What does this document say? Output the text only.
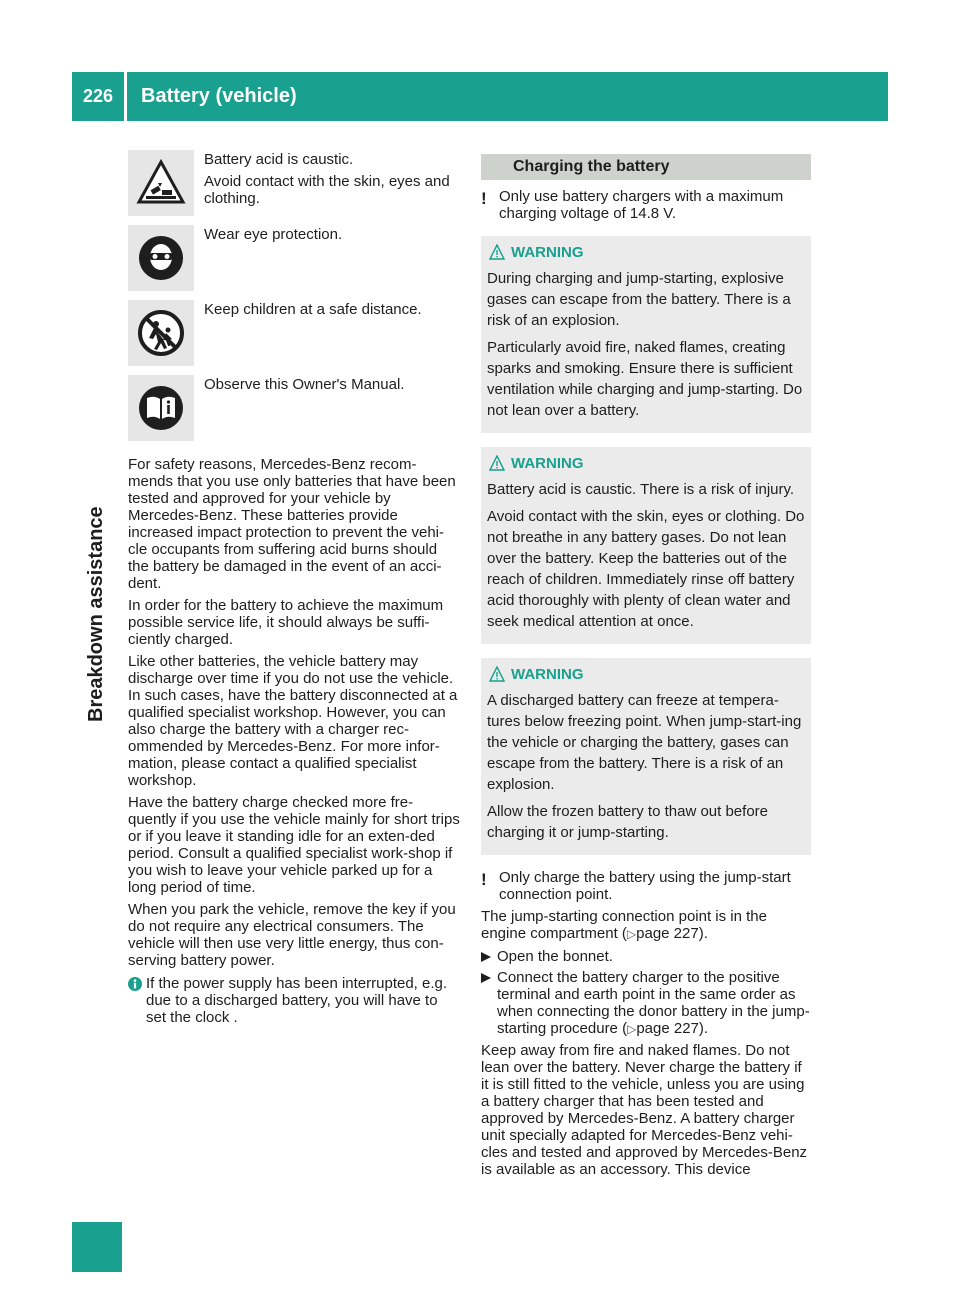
226	Battery (vehicle)
Breakdown assistance

Battery acid is caustic.

Avoid contact with the skin, eyes and clothing.

Wear eye protection.

Keep children at a safe distance.

Observe this Owner's Manual.

For safety reasons, Mercedes-Benz recom-mends that you use only batteries that have been tested and approved for your vehicle by Mercedes-Benz. These batteries provide increased impact protection to prevent the vehi-cle occupants from suffering acid burns should the battery be damaged in the event of an acci-dent.

In order for the battery to achieve the maximum possible service life, it should always be suffi-ciently charged.

Like other batteries, the vehicle battery may discharge over time if you do not use the vehicle. In such cases, have the battery disconnected at a qualified specialist workshop. However, you can also charge the battery with a charger rec-ommended by Mercedes-Benz. For more infor-mation, please contact a qualified specialist workshop.

Have the battery charge checked more fre-quently if you use the vehicle mainly for short trips or if you leave it standing idle for an exten-ded period. Consult a qualified specialist work-shop if you wish to leave your vehicle parked up for a long period of time.

When you park the vehicle, remove the key if you do not require any electrical consumers. The vehicle will then use very little energy, thus con-serving battery power.

If the power supply has been interrupted, e.g. due to a discharged battery, you will have to set the clock .
Charging the battery
! Only use battery chargers with a maximum charging voltage of 14.8 V.
WARNING

During charging and jump-starting, explosive gases can escape from the battery. There is a risk of an explosion.

Particularly avoid fire, naked flames, creating sparks and smoking. Ensure there is sufficient ventilation while charging and jump-starting. Do not lean over a battery.

WARNING

Battery acid is caustic. There is a risk of injury.

Avoid contact with the skin, eyes or clothing. Do not breathe in any battery gases. Do not lean over the battery. Keep the batteries out of the reach of children. Immediately rinse off battery acid thoroughly with plenty of clean water and seek medical attention at once.

WARNING

A discharged battery can freeze at tempera-tures below freezing point. When jump-start-ing the vehicle or charging the battery, gases can escape from the battery. There is a risk of an explosion.

Allow the frozen battery to thaw out before charging it or jump-starting.

! Only charge the battery using the jump-start connection point.

The jump-starting connection point is in the engine compartment (▷page 227).

Open the bonnet.
Connect the battery charger to the positive terminal and earth point in the same order as when connecting the donor battery in the jump-starting procedure (▷page 227).

Keep away from fire and naked flames. Do not lean over the battery. Never charge the battery if it is still fitted to the vehicle, unless you are using a battery charger that has been tested and approved by Mercedes-Benz. A battery charger unit specially adapted for Mercedes-Benz vehi-cles and tested and approved by Mercedes-Benz is available as an accessory. This device
